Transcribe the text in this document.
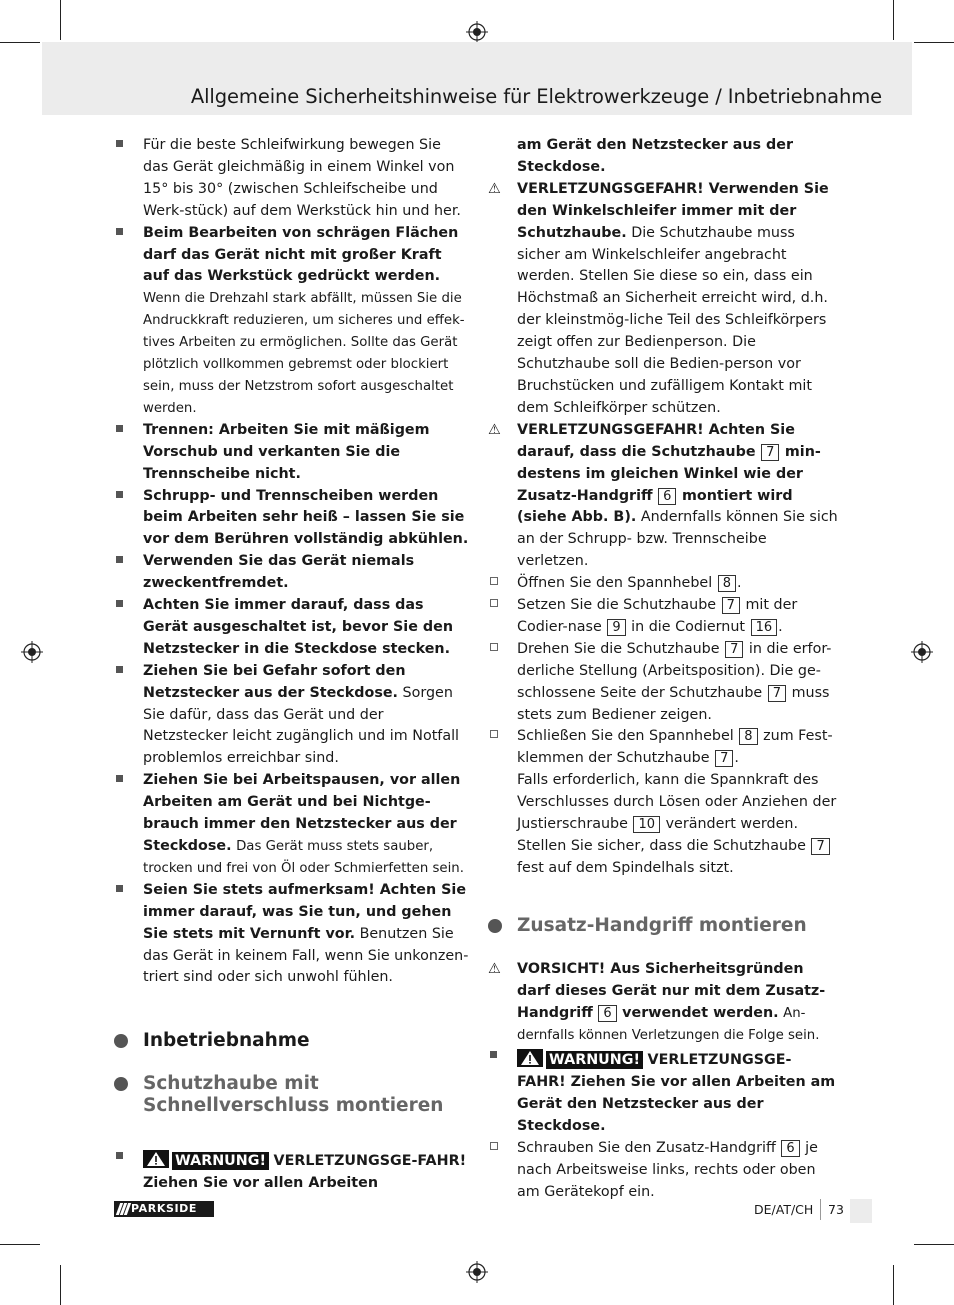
Allgemeine Sicherheitshinweise für Elektrowerkzeuge / Inbetriebnahme
Für die beste Schleifwirkung bewegen Sie das Gerät gleichmäßig in einem Winkel von 15° bis 30° (zwischen Schleifscheibe und Werk-stück) auf dem Werkstück hin und her.
Beim Bearbeiten von schrägen Flächen darf das Gerät nicht mit großer Kraft auf das Werkstück gedrückt werden. Wenn die Drehzahl stark abfällt, müssen Sie die Andruckkraft reduzieren, um sicheres und effek-tives Arbeiten zu ermöglichen. Sollte das Gerät plötzlich vollkommen gebremst oder blockiert sein, muss der Netzstrom sofort ausgeschaltet werden.
Trennen: Arbeiten Sie mit mäßigem Vorschub und verkanten Sie die Trennscheibe nicht.
Schrupp- und Trennscheiben werden beim Arbeiten sehr heiß – lassen Sie sie vor dem Berühren vollständig abkühlen.
Verwenden Sie das Gerät niemals zweckentfremdet.
Achten Sie immer darauf, dass das Gerät ausgeschaltet ist, bevor Sie den Netzstecker in die Steckdose stecken.
Ziehen Sie bei Gefahr sofort den Netzstecker aus der Steckdose. Sorgen Sie dafür, dass das Gerät und der Netzstecker leicht zugänglich und im Notfall problemlos erreichbar sind.
Ziehen Sie bei Arbeitspausen, vor allen Arbeiten am Gerät und bei Nichtge-brauch immer den Netzstecker aus der Steckdose. Das Gerät muss stets sauber, trocken und frei von Öl oder Schmierfetten sein.
Seien Sie stets aufmerksam! Achten Sie immer darauf, was Sie tun, und gehen Sie stets mit Vernunft vor. Benutzen Sie das Gerät in keinem Fall, wenn Sie unkonzen-triert sind oder sich unwohl fühlen.
Inbetriebnahme
Schutzhaube mit
Schnellverschluss montieren
WARNUNG! VERLETZUNGSGE-FAHR! Ziehen Sie vor allen Arbeiten
am Gerät den Netzstecker aus der Steckdose.
⚠	VERLETZUNGSGEFAHR! Verwenden Sie den Winkelschleifer immer mit der Schutzhaube. Die Schutzhaube muss sicher am Winkelschleifer angebracht werden. Stellen Sie diese so ein, dass ein Höchstmaß an Sicherheit erreicht wird, d.h. der kleinstmög-liche Teil des Schleifkörpers zeigt offen zur Bedienperson. Die Schutzhaube soll die Bedien-person vor Bruchstücken und zufälligem Kontakt mit dem Schleifkörper schützen.
⚠	VERLETZUNGSGEFAHR! Achten Sie darauf, dass die Schutzhaube 7 min-destens im gleichen Winkel wie der Zusatz-Handgriff 6 montiert wird (siehe Abb. B). Andernfalls können Sie sich an der Schrupp- bzw. Trennscheibe verletzen.
Öffnen Sie den Spannhebel 8 .
Setzen Sie die Schutzhaube 7 mit der Codier-nase 9 in die Codiernut 16 .
Drehen Sie die Schutzhaube 7 in die erfor-derliche Stellung (Arbeitsposition). Die ge-schlossene Seite der Schutzhaube 7 muss stets zum Bediener zeigen.
Schließen Sie den Spannhebel 8 zum Fest-klemmen der Schutzhaube 7 .
Falls erforderlich, kann die Spannkraft des Verschlusses durch Lösen oder Anziehen der Justierschraube 10 verändert werden.
Stellen Sie sicher, dass die Schutzhaube 7 fest auf dem Spindelhals sitzt.
Zusatz-Handgriff montieren
⚠	VORSICHT! Aus Sicherheitsgründen darf dieses Gerät nur mit dem Zusatz-Handgriff 6 verwendet werden. An-dernfalls können Verletzungen die Folge sein.
WARNUNG! VERLETZUNGSGE-FAHR! Ziehen Sie vor allen Arbeiten am Gerät den Netzstecker aus der Steckdose.
Schrauben Sie den Zusatz-Handgriff 6 je nach Arbeitsweise links, rechts oder oben am Gerätekopf ein.
PARKSIDE	DE/AT/CH 73
